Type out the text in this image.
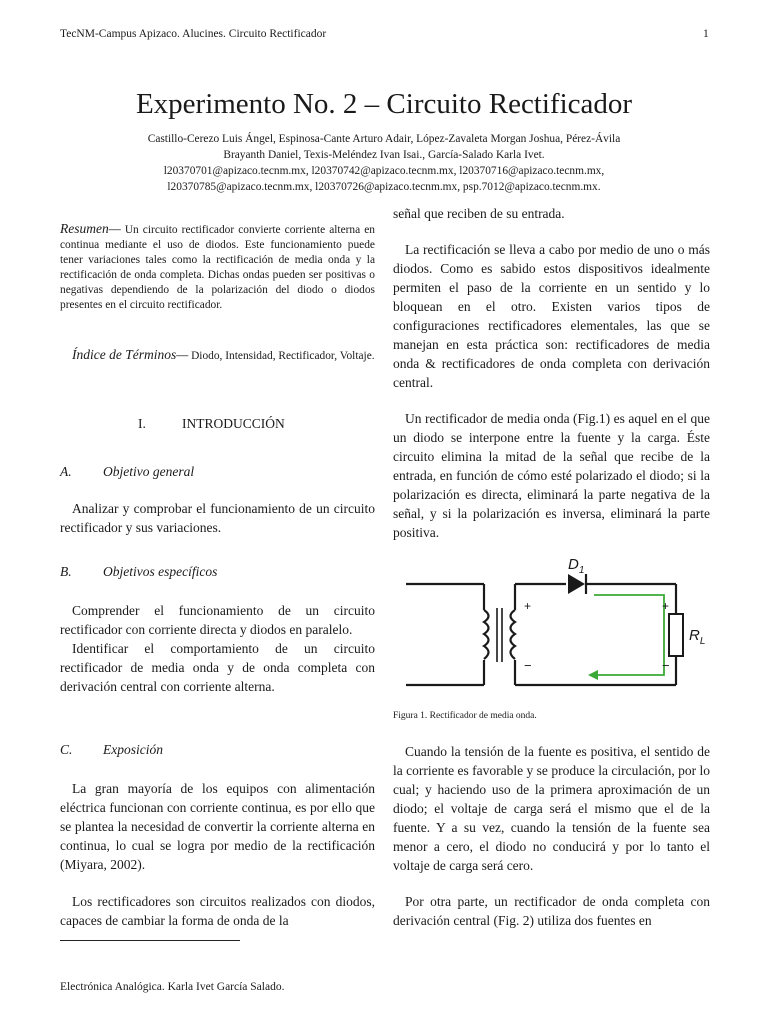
TecNM-Campus Apizaco. Alucines. Circuito Rectificador	1
Experimento No. 2 – Circuito Rectificador
Castillo-Cerezo Luis Ángel, Espinosa-Cante Arturo Adair, López-Zavaleta Morgan Joshua, Pérez-Ávila
Brayanth Daniel, Texis-Meléndez Ivan Isai., García-Salado Karla Ivet.
l20370701@apizaco.tecnm.mx, l20370742@apizaco.tecnm.mx, l20370716@apizaco.tecnm.mx,
l20370785@apizaco.tecnm.mx, l20370726@apizaco.tecnm.mx, psp.7012@apizaco.tecnm.mx.

Resumen— Un circuito rectificador convierte corriente alterna en continua mediante el uso de diodos. Este funcionamiento puede tener variaciones tales como la rectificación de media onda y la rectificación de onda completa. Dichas ondas pueden ser positivas o negativas dependiendo de la polarización del diodo o diodos presentes en el circuito rectificador.

Índice de Términos— Diodo, Intensidad, Rectificador, Voltaje.

I.	INTRODUCCIÓN
A. Objetivo general

Analizar y comprobar el funcionamiento de un circuito rectificador y sus variaciones.

B. Objetivos específicos

Comprender el funcionamiento de un circuito rectificador con corriente directa y diodos en paralelo.

Identificar el comportamiento de un circuito rectificador de media onda y de onda completa con derivación central con corriente alterna.

C. Exposición

La gran mayoría de los equipos con alimentación eléctrica funcionan con corriente continua, es por ello que se plantea la necesidad de convertir la corriente alterna en continua, lo cual se logra por medio de la rectificación (Miyara, 2002).

Los rectificadores son circuitos realizados con diodos, capaces de cambiar la forma de onda de la

señal que reciben de su entrada.

La rectificación se lleva a cabo por medio de uno o más diodos. Como es sabido estos dispositivos idealmente permiten el paso de la corriente en un sentido y lo bloquean en el otro. Existen varios tipos de configuraciones rectificadores elementales, las que se manejan en esta práctica son: rectificadores de media onda & rectificadores de onda completa con derivación central.

Un rectificador de media onda (Fig.1) es aquel en el que un diodo se interpone entre la fuente y la carga. Éste circuito elimina la mitad de la señal que recibe de la entrada, en función de cómo esté polarizado el diodo; si la polarización es directa, eliminará la parte negativa de la señal, y si la polarización es inversa, eliminará la parte positiva.

$D_1$
$R_L$
+
−
+
−
Figura 1. Rectificador de media onda.

Cuando la tensión de la fuente es positiva, el sentido de la corriente es favorable y se produce la circulación, por lo cual; y haciendo uso de la primera aproximación de un diodo; el voltaje de carga será el mismo que el de la fuente. Y a su vez, cuando la tensión de la fuente sea menor a cero, el diodo no conducirá y por lo tanto el voltaje de carga será cero.

Por otra parte, un rectificador de onda completa con derivación central (Fig. 2) utiliza dos fuentes en

Electrónica Analógica. Karla Ivet García Salado.
